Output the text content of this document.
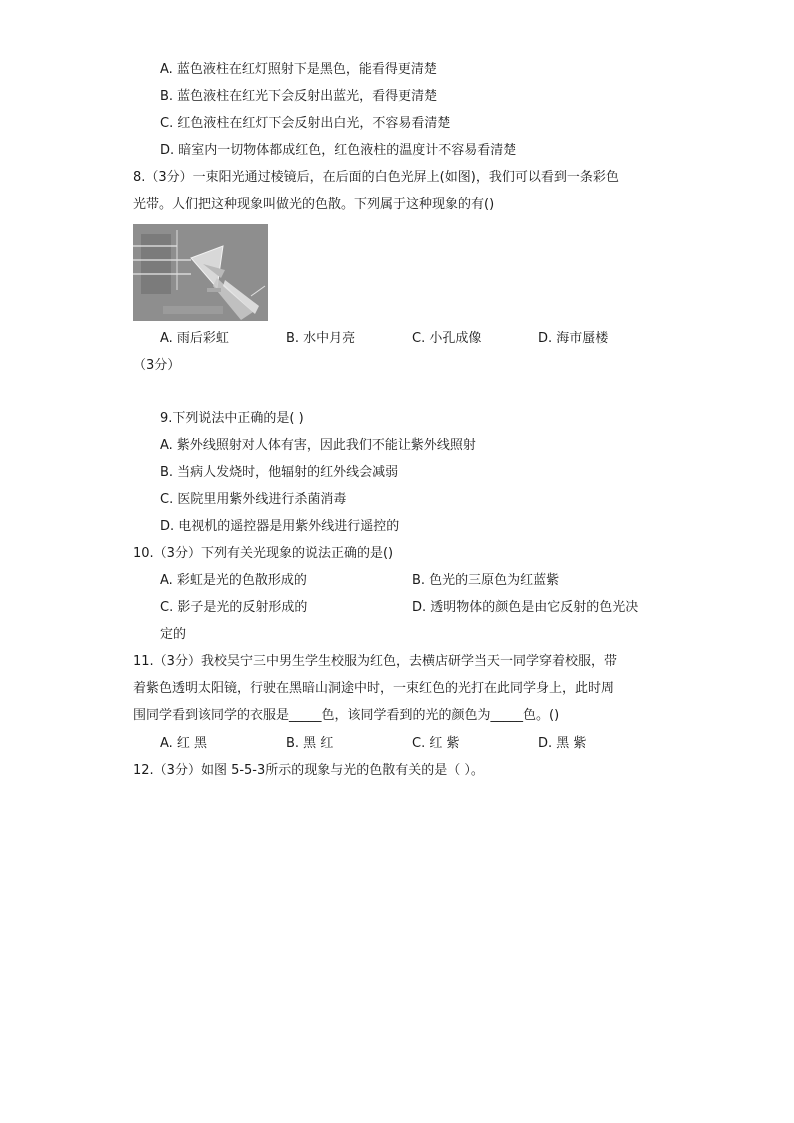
A. 蓝色液柱在红灯照射下是黑色，能看得更清楚
B. 蓝色液柱在红光下会反射出蓝光，看得更清楚
C. 红色液柱在红灯下会反射出白光，不容易看清楚
D. 暗室内一切物体都成红色，红色液柱的温度计不容易看清楚
8.（3分）一束阳光通过棱镜后，在后面的白色光屏上(如图)，我们可以看到一条彩色
光带。人们把这种现象叫做光的色散。下列属于这种现象的有()
A. 雨后彩虹	B. 水中月亮	C. 小孔成像	D. 海市蜃楼
（3分）
9.下列说法中正确的是( )
A. 紫外线照射对人体有害，因此我们不能让紫外线照射
B. 当病人发烧时，他辐射的红外线会减弱
C. 医院里用紫外线进行杀菌消毒
D. 电视机的遥控器是用紫外线进行遥控的
10.（3分）下列有关光现象的说法正确的是()
A. 彩虹是光的色散形成的	B. 色光的三原色为红蓝紫
C. 影子是光的反射形成的	D. 透明物体的颜色是由它反射的色光决
定的
11.（3分）我校吴宁三中男生学生校服为红色，去横店研学当天一同学穿着校服，带
着紫色透明太阳镜，行驶在黑暗山洞途中时，一束红色的光打在此同学身上，此时周
围同学看到该同学的衣服是_____色，该同学看到的光的颜色为_____色。()
A. 红 黑	B. 黑 红	C. 红 紫	D. 黑 紫
12.（3分）如图 5-5-3所示的现象与光的色散有关的是（ ）。
